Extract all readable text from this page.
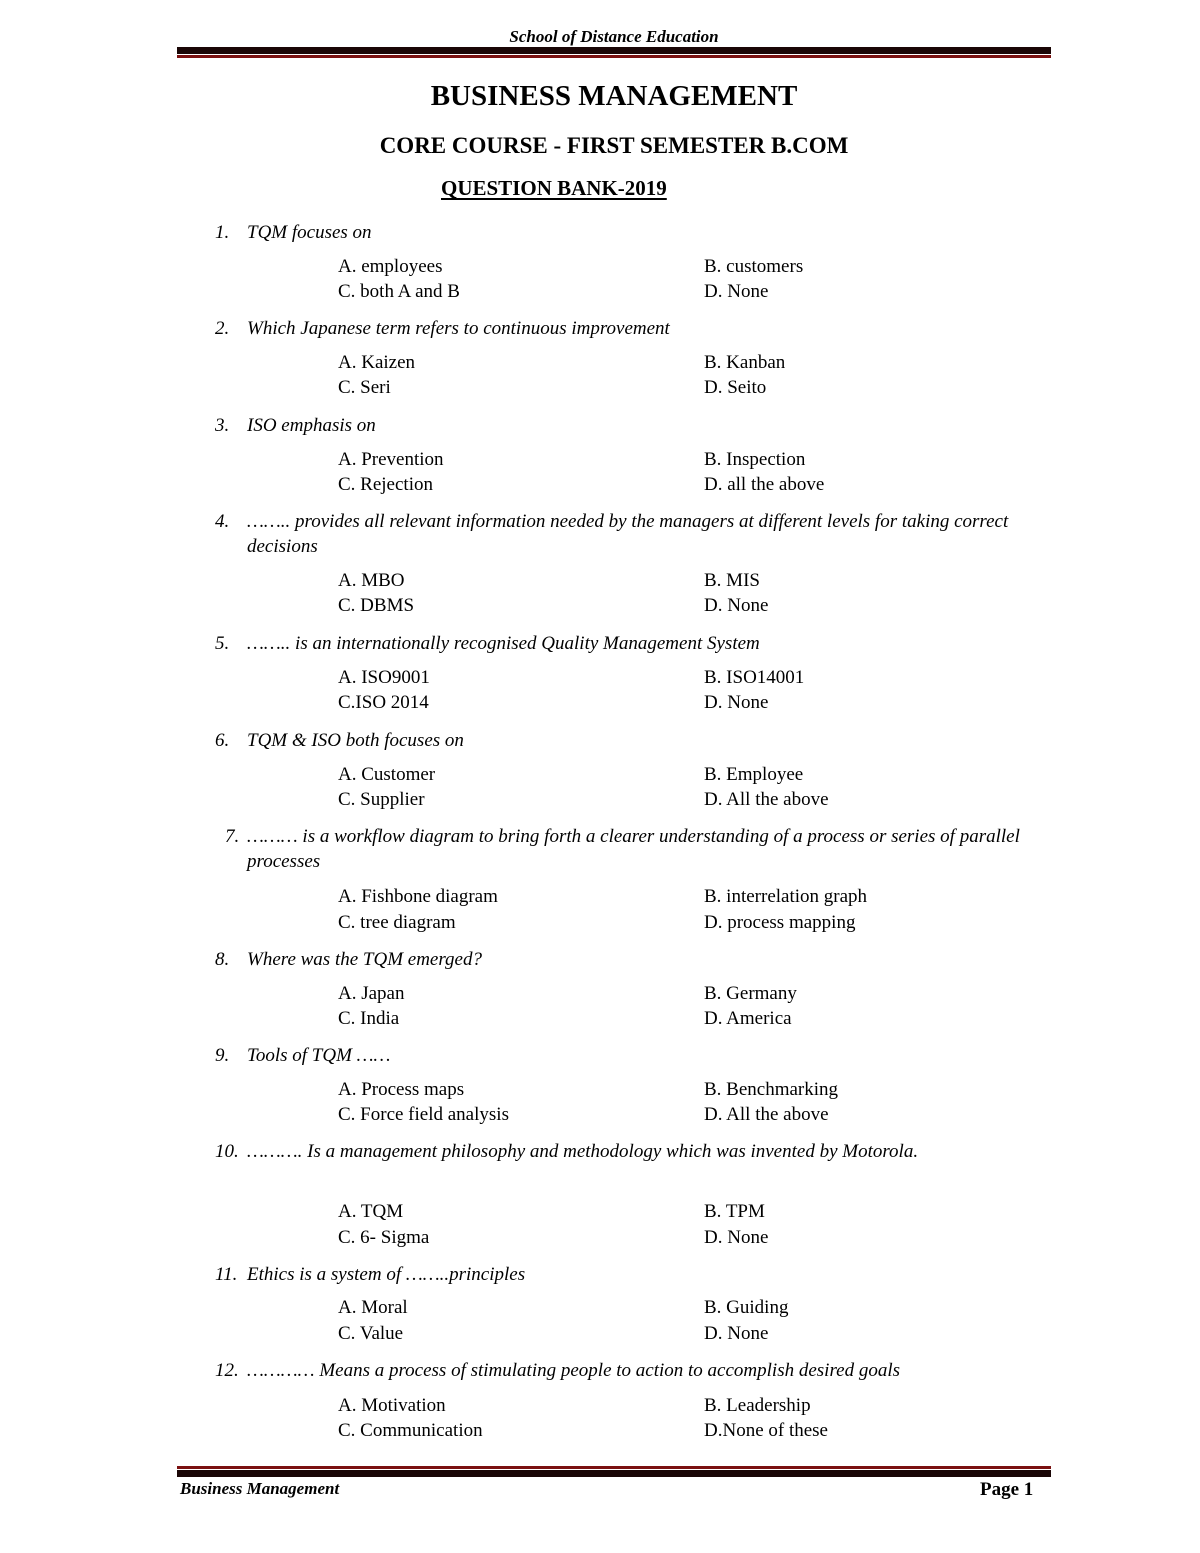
School of Distance Education
BUSINESS MANAGEMENT
CORE COURSE - FIRST SEMESTER B.COM
QUESTION BANK-2019
1. TQM focuses on
A. employees	B. customers
C. both A and B	D. None
2. Which Japanese term refers to continuous improvement
A. Kaizen	B. Kanban
C. Seri	D. Seito
3. ISO emphasis on
A. Prevention	B. Inspection
C. Rejection	D. all the above
4. …….. provides all relevant information needed by the managers at different levels for taking correct decisions
A. MBO	B. MIS
C. DBMS	D. None
5. …….. is an internationally recognised Quality Management System
A. ISO9001	B. ISO14001
C.ISO 2014	D. None
6. TQM & ISO both focuses on
A. Customer	B. Employee
C. Supplier	D. All the above
7. ……… is a workflow diagram to bring forth a clearer understanding of a process or series of parallel processes
A. Fishbone diagram	B. interrelation graph
C. tree diagram	D. process mapping
8. Where was the TQM emerged?
A. Japan	B. Germany
C. India	D. America
9. Tools of TQM ……
A. Process maps	B. Benchmarking
C. Force field analysis	D. All the above
10. ………. Is a management philosophy and methodology which was invented by Motorola.
A. TQM	B. TPM
C. 6- Sigma	D. None
11. Ethics is a system of ……..principles
A. Moral	B. Guiding
C. Value	D. None
12. ………… Means a process of stimulating people to action to accomplish desired goals
A. Motivation	B. Leadership
C. Communication	D.None of these
Business Management	Page 1
